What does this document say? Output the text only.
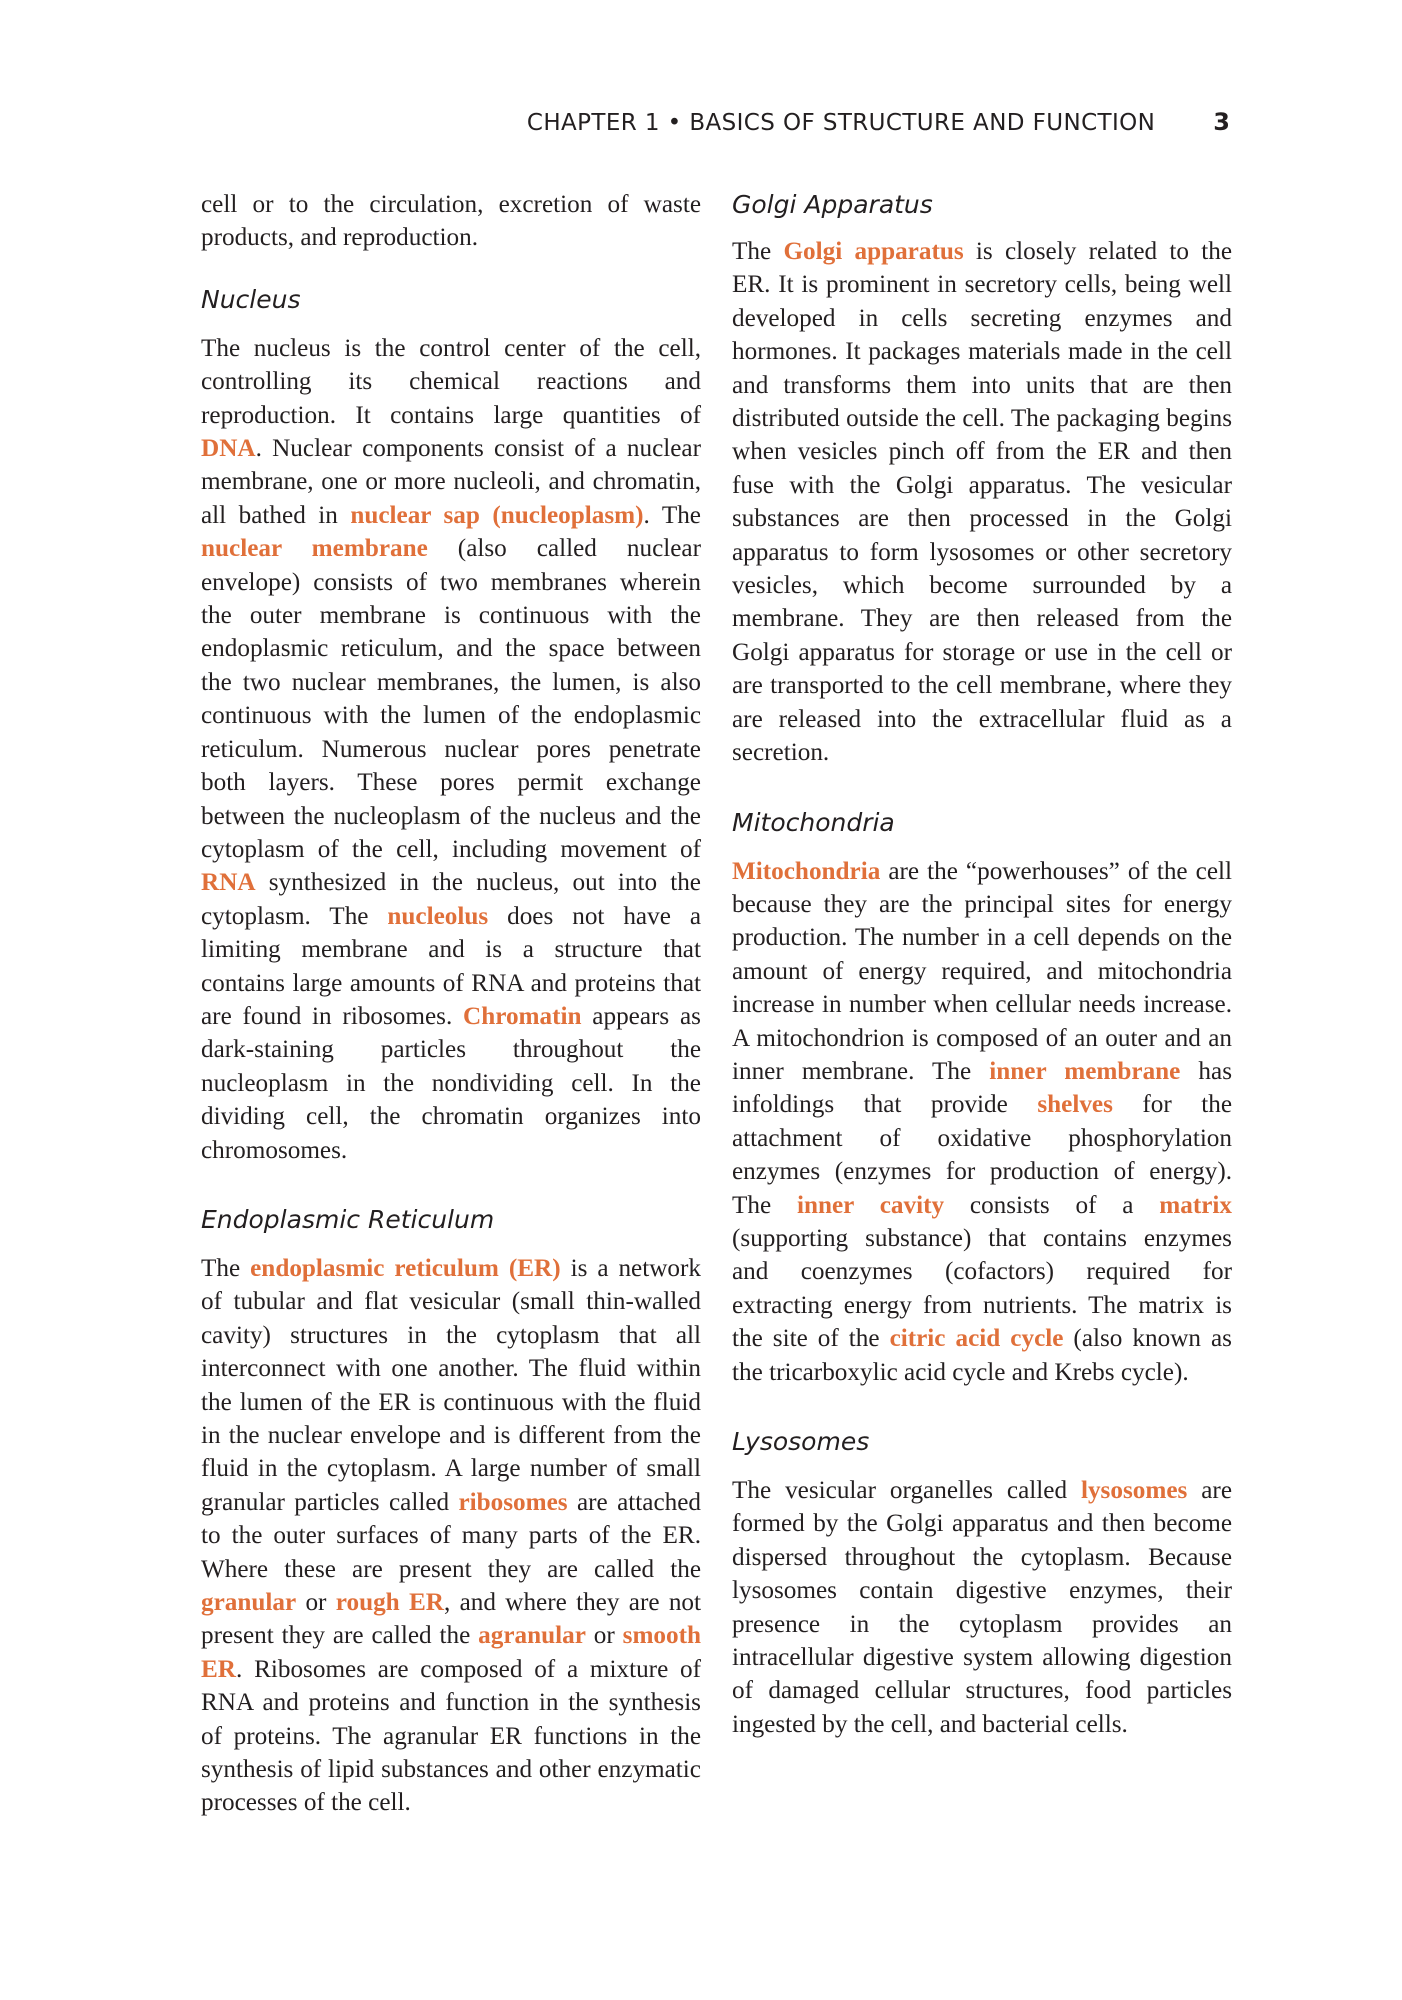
CHAPTER 1 • BASICS OF STRUCTURE AND FUNCTION 3

cell or to the circulation, excretion of waste products, and reproduction.

Nucleus

The nucleus is the control center of the cell, controlling its chemical reactions and reproduction. It contains large quantities of DNA. Nuclear components consist of a nuclear membrane, one or more nucleoli, and chromatin, all bathed in nuclear sap (nucleoplasm). The nuclear membrane (also called nuclear envelope) consists of two membranes wherein the outer membrane is continuous with the endoplasmic reticulum, and the space between the two nuclear membranes, the lumen, is also continuous with the lumen of the endoplasmic reticulum. Numerous nuclear pores penetrate both layers. These pores permit exchange between the nucleoplasm of the nucleus and the cytoplasm of the cell, including movement of RNA synthesized in the nucleus, out into the cytoplasm. The nucleolus does not have a limiting membrane and is a structure that contains large amounts of RNA and proteins that are found in ribosomes. Chromatin appears as dark-staining particles throughout the nucleoplasm in the nondividing cell. In the dividing cell, the chromatin organizes into chromosomes.

Endoplasmic Reticulum

The endoplasmic reticulum (ER) is a network of tubular and flat vesicular (small thin-walled cavity) structures in the cytoplasm that all interconnect with one another. The fluid within the lumen of the ER is continuous with the fluid in the nuclear envelope and is different from the fluid in the cytoplasm. A large number of small granular particles called ribosomes are attached to the outer surfaces of many parts of the ER. Where these are present they are called the granular or rough ER, and where they are not present they are called the agranular or smooth ER. Ribosomes are composed of a mixture of RNA and proteins and function in the synthesis of proteins. The agranular ER functions in the synthesis of lipid substances and other enzymatic processes of the cell.

Golgi Apparatus

The Golgi apparatus is closely related to the ER. It is prominent in secretory cells, being well developed in cells secreting enzymes and hormones. It packages materials made in the cell and transforms them into units that are then distributed outside the cell. The packaging begins when vesicles pinch off from the ER and then fuse with the Golgi apparatus. The vesicular substances are then processed in the Golgi apparatus to form lysosomes or other secretory vesicles, which become surrounded by a membrane. They are then released from the Golgi apparatus for storage or use in the cell or are transported to the cell membrane, where they are released into the extracellular fluid as a secretion.

Mitochondria

Mitochondria are the “powerhouses” of the cell because they are the principal sites for energy production. The number in a cell depends on the amount of energy required, and mitochondria increase in number when cellular needs increase. A mitochondrion is composed of an outer and an inner membrane. The inner membrane has infoldings that provide shelves for the attachment of oxidative phosphorylation enzymes (enzymes for production of energy). The inner cavity consists of a matrix (supporting substance) that contains enzymes and coenzymes (cofactors) required for extracting energy from nutrients. The matrix is the site of the citric acid cycle (also known as the tricarboxylic acid cycle and Krebs cycle).

Lysosomes

The vesicular organelles called lysosomes are formed by the Golgi apparatus and then become dispersed throughout the cytoplasm. Because lysosomes contain digestive enzymes, their presence in the cytoplasm provides an intracellular digestive system allowing digestion of damaged cellular structures, food particles ingested by the cell, and bacterial cells.
